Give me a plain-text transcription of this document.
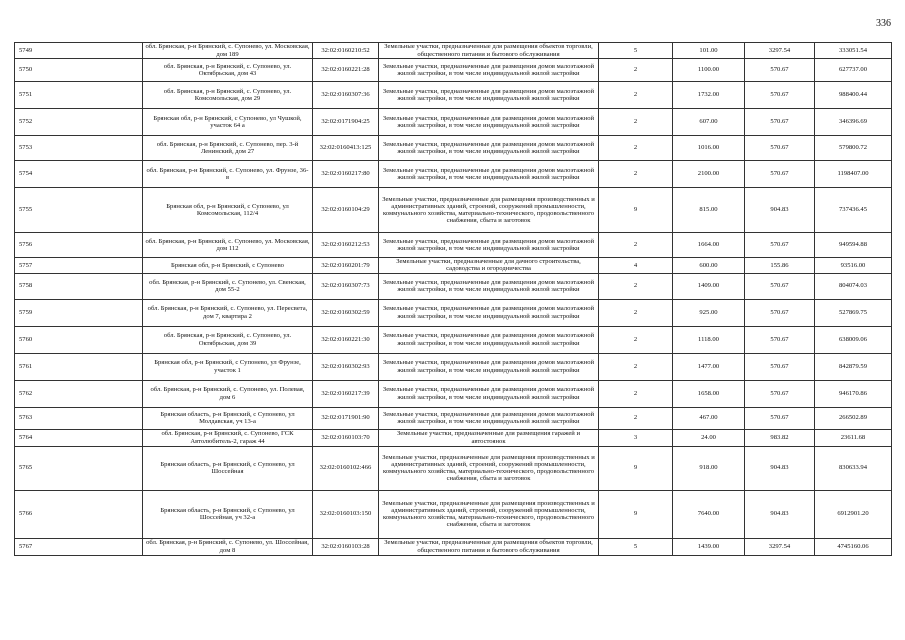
336
5749	обл. Брянская, р-н Брянский, с. Супонево, ул. Московская, дом 189	32:02:0160210:52	Земельные участки, предназначенные для размещения объектов торговли, общественного питания и бытового обслуживания	5	101.00	3297.54	333051.54
5750	обл. Брянская, р-н Брянский, с. Супонево, ул. Октябрьская, дом 43	32:02:0160221:28	Земельные участки, предназначенные для размещения домов малоэтажной жилой застройки, в том числе индивидуальной жилой застройки	2	1100.00	570.67	627737.00
5751	обл. Брянская, р-н Брянский, с. Супонево, ул. Комсомольская, дом 29	32:02:0160307:36	Земельные участки, предназначенные для размещения домов малоэтажной жилой застройки, в том числе индивидуальной жилой застройки	2	1732.00	570.67	988400.44
5752	Брянская обл, р-н Брянский, с Супонево, ул Чушкой, участок 64 а	32:02:0171904:25	Земельные участки, предназначенные для размещения домов малоэтажной жилой застройки, в том числе индивидуальной жилой застройки	2	607.00	570.67	346396.69
5753	обл. Брянская, р-н Брянский, с. Супонево, пер. 3-й Ленинский, дом 27	32:02:0160413:125	Земельные участки, предназначенные для размещения домов малоэтажной жилой застройки, в том числе индивидуальной жилой застройки	2	1016.00	570.67	579800.72
5754	обл. Брянская, р-н Брянский, с. Супонево, ул. Фрунзе, 36-в	32:02:0160217:80	Земельные участки, предназначенные для размещения домов малоэтажной жилой застройки, в том числе индивидуальной жилой застройки	2	2100.00	570.67	1198407.00
5755	Брянская обл, р-н Брянский, с Супонево, ул Комсомольская, 112/4	32:02:0160104:29	Земельные участки, предназначенные для размещения производственных и административных зданий, строений, сооружений промышленности, коммунального хозяйства, материально-технического, продовольственного снабжения, сбыта и заготовок	9	815.00	904.83	737436.45
5756	обл. Брянская, р-н Брянский, с. Супонево, ул. Московская, дом 112	32:02:0160212:53	Земельные участки, предназначенные для размещения домов малоэтажной жилой застройки, в том числе индивидуальной жилой застройки	2	1664.00	570.67	949594.88
5757	Брянская обл, р-н Брянский, с Супонево	32:02:0160201:79	Земельные участки, предназначенные для дачного строительства, садоводства и огородничества	4	600.00	155.86	93516.00
5758	обл. Брянская, р-н Брянский, с. Супонево, ул. Свенская, дом 55-2	32:02:0160307:73	Земельные участки, предназначенные для размещения домов малоэтажной жилой застройки, в том числе индивидуальной жилой застройки	2	1409.00	570.67	804074.03
5759	обл. Брянская, р-н Брянский, с. Супонево, ул. Пересвета, дом 7, квартира 2	32:02:0160302:59	Земельные участки, предназначенные для размещения домов малоэтажной жилой застройки, в том числе индивидуальной жилой застройки	2	925.00	570.67	527869.75
5760	обл. Брянская, р-н Брянский, с. Супонево, ул. Октябрьская, дом 39	32:02:0160221:30	Земельные участки, предназначенные для размещения домов малоэтажной жилой застройки, в том числе индивидуальной жилой застройки	2	1118.00	570.67	638009.06
5761	Брянская обл, р-н Брянский, с Супонево, ул Фрунзе, участок 1	32:02:0160302:93	Земельные участки, предназначенные для размещения домов малоэтажной жилой застройки, в том числе индивидуальной жилой застройки	2	1477.00	570.67	842879.59
5762	обл. Брянская, р-н Брянский, с. Супонево, ул. Полевая, дом 6	32:02:0160217:39	Земельные участки, предназначенные для размещения домов малоэтажной жилой застройки, в том числе индивидуальной жилой застройки	2	1658.00	570.67	946170.86
5763	Брянская область, р-н Брянский, с Супонево, ул Молдавская, уч 13-а	32:02:0171901:90	Земельные участки, предназначенные для размещения домов малоэтажной жилой застройки, в том числе индивидуальной жилой застройки	2	467.00	570.67	266502.89
5764	обл. Брянская, р-н Брянский, с. Супонево, ГСК Автолюбитель-2, гараж 44	32:02:0160103:70	Земельные участки, предназначенные для размещения гаражей и автостоянок	3	24.00	983.82	23611.68
5765	Брянская область, р-н Брянский, с Супонево, ул Шоссейная	32:02:0160102:466	Земельные участки, предназначенные для размещения производственных и административных зданий, строений, сооружений промышленности, коммунального хозяйства, материально-технического, продовольственного снабжения, сбыта и заготовок	9	918.00	904.83	830633.94
5766	Брянская область, р-н Брянский, с Супонево, ул Шоссейная, уч 32-а	32:02:0160103:150	Земельные участки, предназначенные для размещения производственных и административных зданий, строений, сооружений промышленности, коммунального хозяйства, материально-технического, продовольственного снабжения, сбыта и заготовок	9	7640.00	904.83	6912901.20
5767	обл. Брянская, р-н Брянский, с. Супонево, ул. Шоссейная, дом 8	32:02:0160103:28	Земельные участки, предназначенные для размещения объектов торговли, общественного питания и бытового обслуживания	5	1439.00	3297.54	4745160.06
